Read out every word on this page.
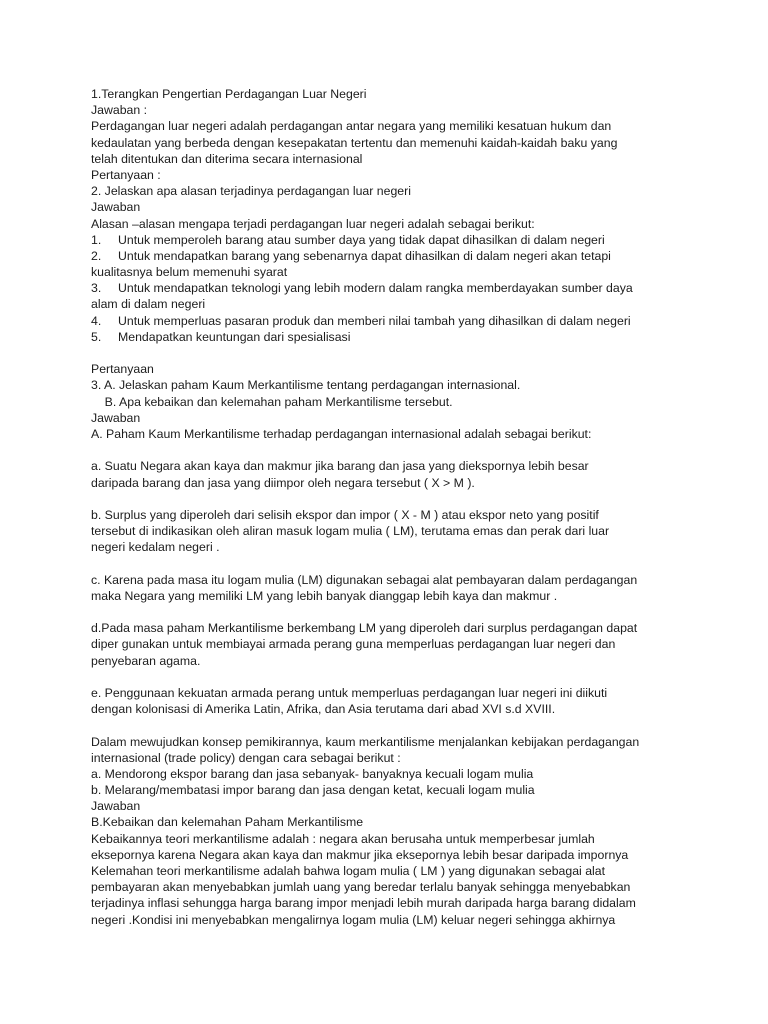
1.Terangkan Pengertian Perdagangan Luar Negeri
Jawaban :
Perdagangan luar negeri adalah perdagangan antar negara yang memiliki kesatuan hukum dan
kedaulatan yang berbeda dengan kesepakatan tertentu dan memenuhi kaidah-kaidah baku yang
telah ditentukan dan diterima secara internasional
Pertanyaan :
2. Jelaskan apa alasan terjadinya perdagangan luar negeri
Jawaban
Alasan –alasan mengapa terjadi perdagangan luar negeri adalah sebagai berikut:
1. Untuk memperoleh barang atau sumber daya yang tidak dapat dihasilkan di dalam negeri
2. Untuk mendapatkan barang yang sebenarnya dapat dihasilkan di dalam negeri akan tetapi
kualitasnya belum memenuhi syarat
3. Untuk mendapatkan teknologi yang lebih modern dalam rangka memberdayakan sumber daya
alam di dalam negeri
4. Untuk memperluas pasaran produk dan memberi nilai tambah yang dihasilkan di dalam negeri
5. Mendapatkan keuntungan dari spesialisasi
Pertanyaan
3. A. Jelaskan paham Kaum Merkantilisme tentang perdagangan internasional.
B. Apa kebaikan dan kelemahan paham Merkantilisme tersebut.
Jawaban
A. Paham Kaum Merkantilisme terhadap perdagangan internasional adalah sebagai berikut:
a. Suatu Negara akan kaya dan makmur jika barang dan jasa yang diekspornya lebih besar
daripada barang dan jasa yang diimpor oleh negara tersebut ( X > M ).
b. Surplus yang diperoleh dari selisih ekspor dan impor ( X - M ) atau ekspor neto yang positif
tersebut di indikasikan oleh aliran masuk logam mulia ( LM), terutama emas dan perak dari luar
negeri kedalam negeri .
c. Karena pada masa itu logam mulia (LM) digunakan sebagai alat pembayaran dalam perdagangan
maka Negara yang memiliki LM yang lebih banyak dianggap lebih kaya dan makmur .
d.Pada masa paham Merkantilisme berkembang LM yang diperoleh dari surplus perdagangan dapat
diper gunakan untuk membiayai armada perang guna memperluas perdagangan luar negeri dan
penyebaran agama.
e. Penggunaan kekuatan armada perang untuk memperluas perdagangan luar negeri ini diikuti
dengan kolonisasi di Amerika Latin, Afrika, dan Asia terutama dari abad XVI s.d XVIII.
Dalam mewujudkan konsep pemikirannya, kaum merkantilisme menjalankan kebijakan perdagangan
internasional (trade policy) dengan cara sebagai berikut :
a. Mendorong ekspor barang dan jasa sebanyak- banyaknya kecuali logam mulia
b. Melarang/membatasi impor barang dan jasa dengan ketat, kecuali logam mulia
Jawaban
B.Kebaikan dan kelemahan Paham Merkantilisme
Kebaikannya teori merkantilisme adalah : negara akan berusaha untuk memperbesar jumlah
eksepornya karena Negara akan kaya dan makmur jika eksepornya lebih besar daripada impornya
Kelemahan teori merkantilisme adalah bahwa logam mulia ( LM ) yang digunakan sebagai alat
pembayaran akan menyebabkan jumlah uang yang beredar terlalu banyak sehingga menyebabkan
terjadinya inflasi sehungga harga barang impor menjadi lebih murah daripada harga barang didalam
negeri .Kondisi ini menyebabkan mengalirnya logam mulia (LM) keluar negeri sehingga akhirnya
